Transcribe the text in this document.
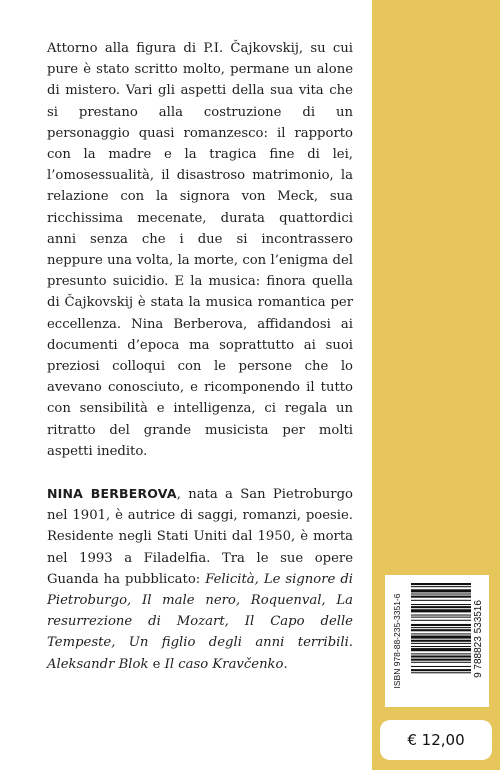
Attorno alla figura di P.I. Čajkovskij, su cui pure è stato scritto molto, permane un alone di mistero. Vari gli aspetti della sua vita che si prestano alla costruzione di un personaggio quasi romanzesco: il rapporto con la madre e la tragica fine di lei, l’omosessualità, il disastroso matrimonio, la relazione con la signora von Meck, sua ricchissima mecenate, durata quattordici anni senza che i due si incontrassero neppure una volta, la morte, con l’enigma del presunto suicidio. E la musica: finora quella di Čajkovskij è stata la musica romantica per eccellenza. Nina Berberova, affidandosi ai documenti d’epoca ma soprattutto ai suoi preziosi colloqui con le persone che lo avevano conosciuto, e ricomponendo il tutto con sensibilità e intelligenza, ci regala un ritratto del grande musicista per molti aspetti inedito.

NINA BERBEROVA, nata a San Pietroburgo nel 1901, è autrice di saggi, romanzi, poesie. Residente negli Stati Uniti dal 1950, è morta nel 1993 a Filadelfia. Tra le sue opere Guanda ha pubblicato: Felicità, Le signore di Pietroburgo, Il male nero, Roquenval, La resurrezione di Mozart, Il Capo delle Tempeste, Un figlio degli anni terribili. Aleksandr Blok e Il caso Kravčenko.	ISBN 978-88-235-3351-6	9 788823 533516
€ 12,00
